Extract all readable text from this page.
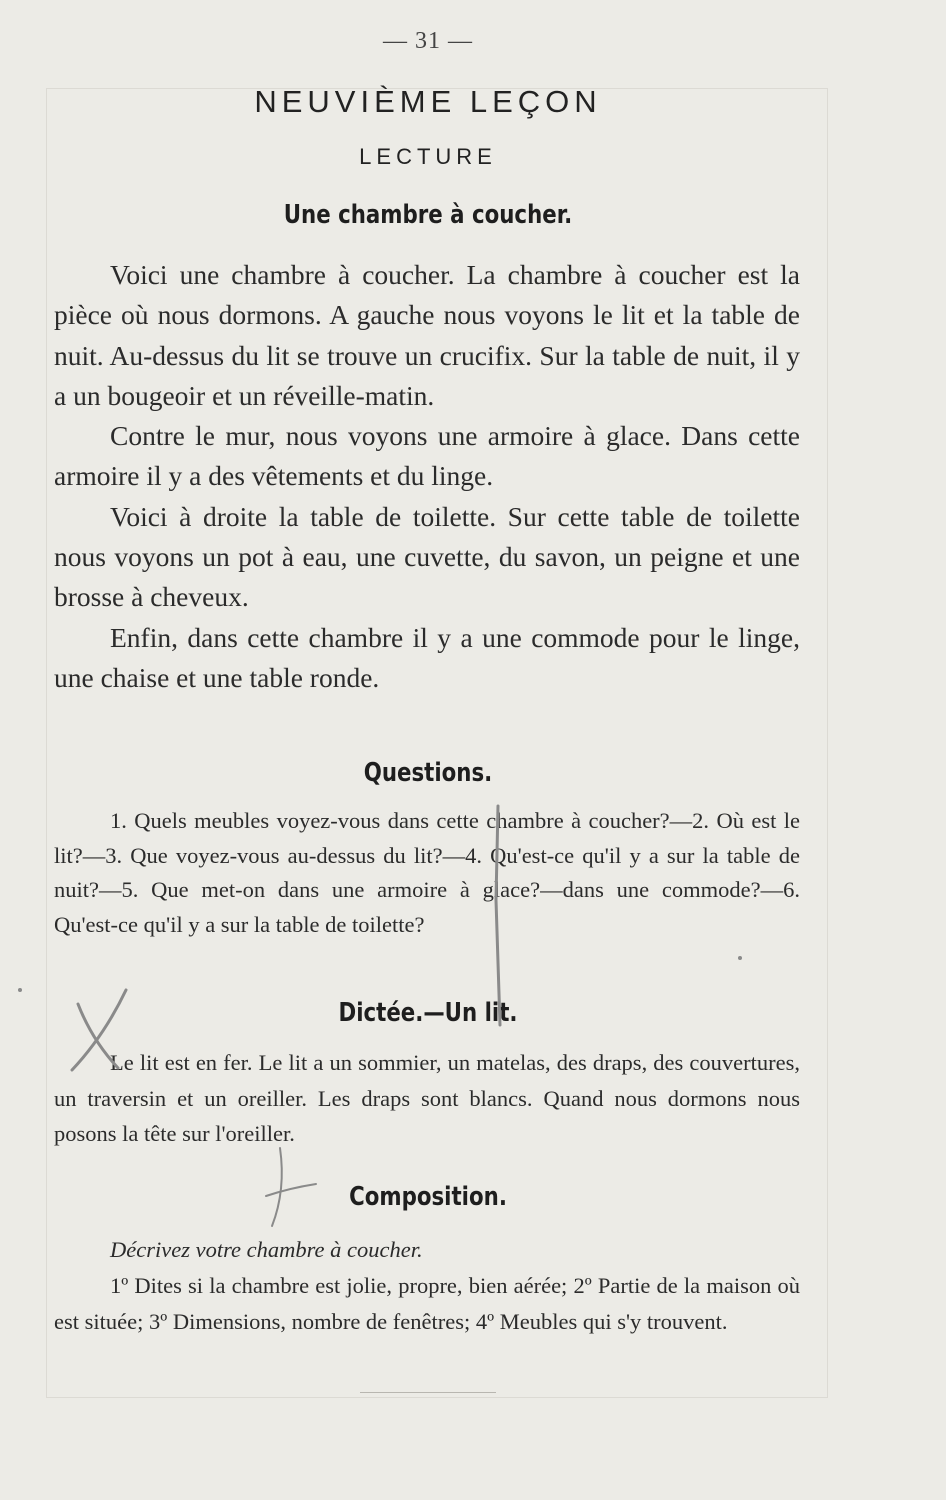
— 31 —
NEUVIÈME LEÇON
LECTURE
Une chambre à coucher.

Voici une chambre à coucher. La chambre à coucher est la pièce où nous dormons. A gauche nous voyons le lit et la table de nuit. Au-dessus du lit se trouve un crucifix. Sur la table de nuit, il y a un bougeoir et un réveille-matin.

Contre le mur, nous voyons une armoire à glace. Dans cette armoire il y a des vêtements et du linge.

Voici à droite la table de toilette. Sur cette table de toilette nous voyons un pot à eau, une cuvette, du savon, un peigne et une brosse à cheveux.

Enfin, dans cette chambre il y a une commode pour le linge, une chaise et une table ronde.

Questions.

1. Quels meubles voyez-vous dans cette chambre à coucher?—2. Où est le lit?—3. Que voyez-vous au-dessus du lit?—4. Qu'est-ce qu'il y a sur la table de nuit?—5. Que met-on dans une armoire à glace?—dans une commode?—6. Qu'est-ce qu'il y a sur la table de toilette?

Dictée.—Un lit.

Le lit est en fer. Le lit a un sommier, un matelas, des draps, des couvertures, un traversin et un oreiller. Les draps sont blancs. Quand nous dormons nous posons la tête sur l'oreiller.

Composition.

Décrivez votre chambre à coucher.

1º Dites si la chambre est jolie, propre, bien aérée; 2º Partie de la maison où est située; 3º Dimensions, nombre de fenêtres; 4º Meubles qui s'y trouvent.
